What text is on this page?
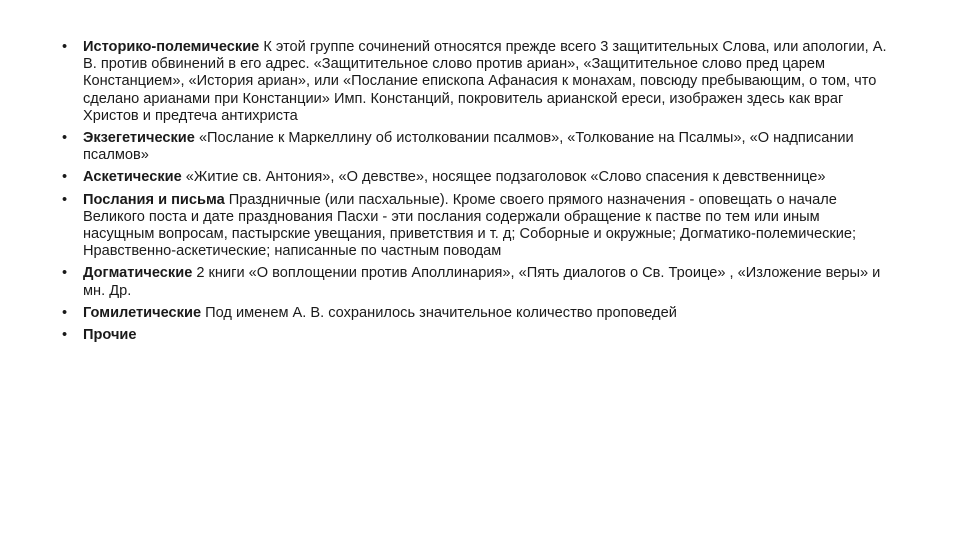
•	Историко-полемические К этой группе сочинений относятся прежде всего 3 защитительных Слова, или апологии, А. В. против обвинений в его адрес. «Защитительное слово против ариан», «Защитительное слово пред царем Констанцием», «История ариан», или «Послание епископа Афанасия к монахам, повсюду пребывающим, о том, что сделано арианами при Констанции» Имп. Констанций, покровитель арианской ереси, изображен здесь как враг Христов и предтеча антихриста
•	Экзегетические «Послание к Маркеллину об истолковании псалмов», «Толкование на Псалмы», «О надписании псалмов»
•	Аскетические «Житие св. Антония», «О девстве», носящее подзаголовок «Слово спасения к девственнице»
•	Послания и письма Праздничные (или пасхальные). Кроме своего прямого назначения - оповещать о начале Великого поста и дате празднования Пасхи - эти послания содержали обращение к пастве по тем или иным насущным вопросам, пастырские увещания, приветствия и т. д; Соборные и окружные; Догматико-полемические; Нравственно-аскетические; написанные по частным поводам
•	Догматические 2 книги «О воплощении против Аполлинария», «Пять диалогов о Св. Троице» , «Изложение веры» и мн. Др.
•	Гомилетические Под именем А. В. сохранилось значительное количество проповедей
•	Прочие
